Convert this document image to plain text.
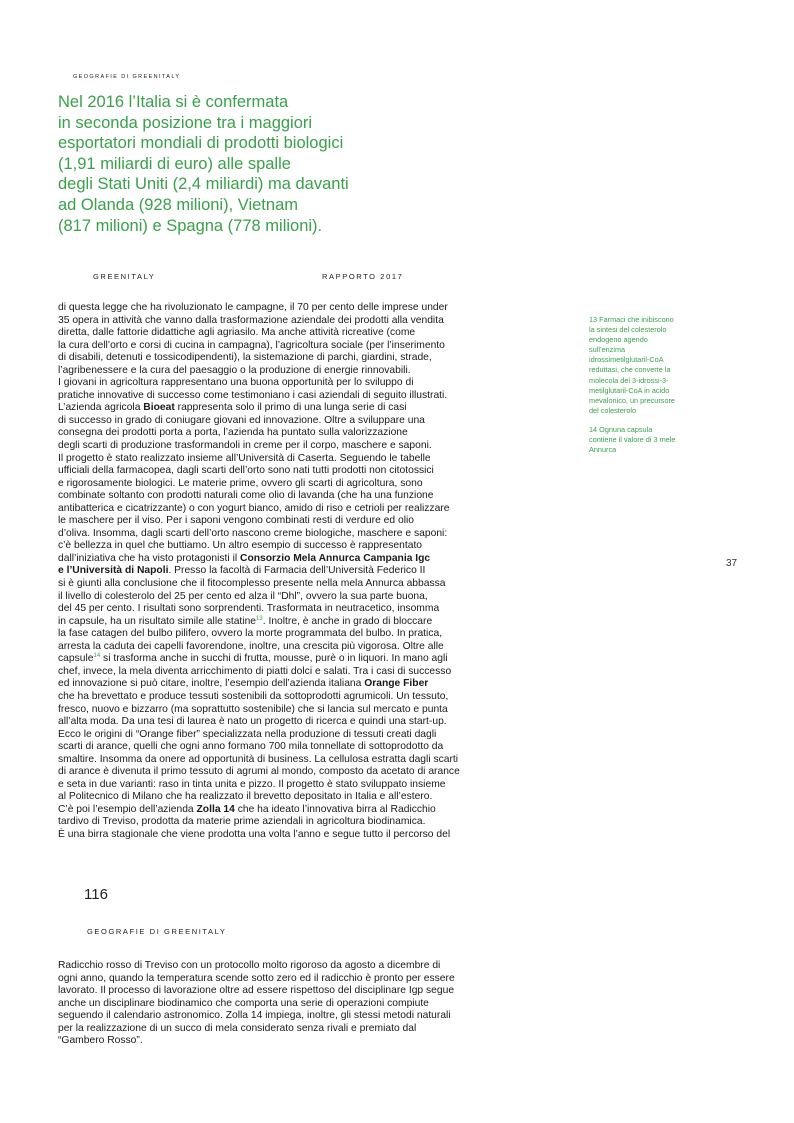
GEOGRAFIE DI GREENITALY
Nel 2016 l’Italia si è confermata
in seconda posizione tra i maggiori
esportatori mondiali di prodotti biologici
(1,91 miliardi di euro) alle spalle
degli Stati Uniti (2,4 miliardi) ma davanti
ad Olanda (928 milioni), Vietnam
(817 milioni) e Spagna (778 milioni).
GREENITALY	RAPPORTO 2017
di questa legge che ha rivoluzionato le campagne, il 70 per cento delle imprese under
35 opera in attività che vanno dalla trasformazione aziendale dei prodotti alla vendita
diretta, dalle fattorie didattiche agli agriasilo. Ma anche attività ricreative (come
la cura dell’orto e corsi di cucina in campagna), l’agricoltura sociale (per l’inserimento
di disabili, detenuti e tossicodipendenti), la sistemazione di parchi, giardini, strade,
l’agribenessere e la cura del paesaggio o la produzione di energie rinnovabili.
I giovani in agricoltura rappresentano una buona opportunità per lo sviluppo di
pratiche innovative di successo come testimoniano i casi aziendali di seguito illustrati.
L’azienda agricola Bioeat rappresenta solo il primo di una lunga serie di casi
di successo in grado di coniugare giovani ed innovazione. Oltre a sviluppare una
consegna dei prodotti porta a porta, l’azienda ha puntato sulla valorizzazione
degli scarti di produzione trasformandoli in creme per il corpo, maschere e saponi.
Il progetto è stato realizzato insieme all’Università di Caserta. Seguendo le tabelle
ufficiali della farmacopea, dagli scarti dell’orto sono nati tutti prodotti non citotossici
e rigorosamente biologici. Le materie prime, ovvero gli scarti di agricoltura, sono
combinate soltanto con prodotti naturali come olio di lavanda (che ha una funzione
antibatterica e cicatrizzante) o con yogurt bianco, amido di riso e cetrioli per realizzare
le maschere per il viso. Per i saponi vengono combinati resti di verdure ed olio
d’oliva. Insomma, dagli scarti dell’orto nascono creme biologiche, maschere e saponi:
c’è bellezza in quel che buttiamo. Un altro esempio di successo è rappresentato
dall’iniziativa che ha visto protagonisti il Consorzio Mela Annurca Campania Igc
e l’Università di Napoli. Presso la facoltà di Farmacia dell’Università Federico II
si è giunti alla conclusione che il fitocomplesso presente nella mela Annurca abbassa
il livello di colesterolo del 25 per cento ed alza il “Dhl”, ovvero la sua parte buona,
del 45 per cento. I risultati sono sorprendenti. Trasformata in neutracetico, insomma
in capsule, ha un risultato simile alle statine$^{13}$. Inoltre, è anche in grado di bloccare
la fase catagen del bulbo pilifero, ovvero la morte programmata del bulbo. In pratica,
arresta la caduta dei capelli favorendone, inoltre, una crescita più vigorosa. Oltre alle
capsule$^{14}$ si trasforma anche in succhi di frutta, mousse, purè o in liquori. In mano agli
chef, invece, la mela diventa arricchimento di piatti dolci e salati. Tra i casi di successo
ed innovazione si può citare, inoltre, l’esempio dell’azienda italiana Orange Fiber
che ha brevettato e produce tessuti sostenibili da sottoprodotti agrumicoli. Un tessuto,
fresco, nuovo e bizzarro (ma soprattutto sostenibile) che si lancia sul mercato e punta
all’alta moda. Da una tesi di laurea è nato un progetto di ricerca e quindi una start-up.
Ecco le origini di “Orange fiber” specializzata nella produzione di tessuti creati dagli
scarti di arance, quelli che ogni anno formano 700 mila tonnellate di sottoprodotto da
smaltire. Insomma da onere ad opportunità di business. La cellulosa estratta dagli scarti
di arance è divenuta il primo tessuto di agrumi al mondo, composto da acetato di arance
e seta in due varianti: raso in tinta unita e pizzo. Il progetto è stato sviluppato insieme
al Politecnico di Milano che ha realizzato il brevetto depositato in Italia e all’estero.
C’è poi l’esempio dell’azienda Zolla 14 che ha ideato l’innovativa birra al Radicchio
tardivo di Treviso, prodotta da materie prime aziendali in agricoltura biodinamica.
È una birra stagionale che viene prodotta una volta l’anno e segue tutto il percorso del
13 Farmaci che inibiscono
la sintesi del colesterolo
endogeno agendo
sull’enzima
idrossimetilglutaril-CoA
reduttasi, che converte la
molecola del 3-idrossi-3-
metilglutaril-CoA in acido
mevalonico, un precursore
del colesterolo
14 Ognuna capsula
contiene il valore di 3 mele
Annurca
37
116
GEOGRAFIE DI GREENITALY
Radicchio rosso di Treviso con un protocollo molto rigoroso da agosto a dicembre di
ogni anno, quando la temperatura scende sotto zero ed il radicchio è pronto per essere
lavorato. Il processo di lavorazione oltre ad essere rispettoso del disciplinare Igp segue
anche un disciplinare biodinamico che comporta una serie di operazioni compiute
seguendo il calendario astronomico. Zolla 14 impiega, inoltre, gli stessi metodi naturali
per la realizzazione di un succo di mela considerato senza rivali e premiato dal
“Gambero Rosso”.
